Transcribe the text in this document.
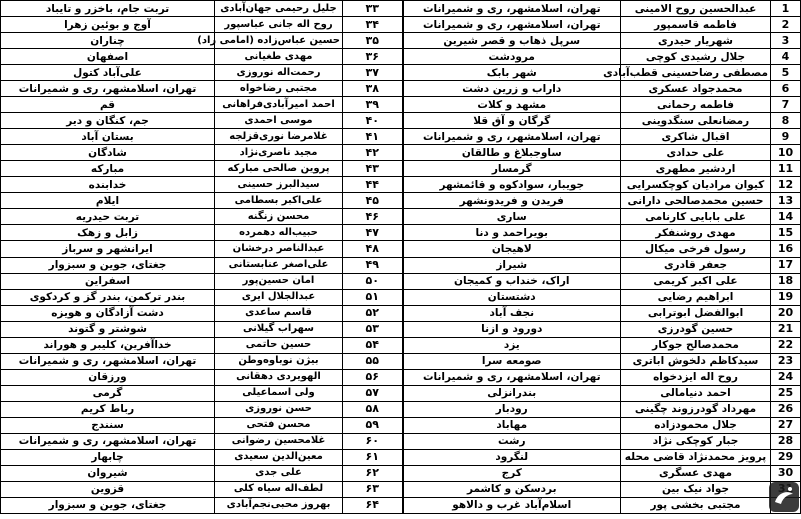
1	عبدالحسین روح الامینی	تهران، اسلامشهر، ری و شمیرانات	۳۳	جلیل رحیمی جهان‌آبادی	تربت جام، باخزر و تایباد
2	فاطمه قاسمپور	تهران، اسلامشهر، ری و شمیرانات	۳۴	روح اله جانی عباسپور	آوج و بوئین زهرا
3	شهریار حیدری	سرپل ذهاب و قصر شیرین	۳۵	حسین عباس‌زاده (امامی راد)	چناران
4	جلال رشیدی کوچی	مرودشت	۳۶	مهدی طغیانی	اصفهان
5	مصطفی رضاحسینی قطب‌آبادی	شهر بابک	۳۷	رحمت‌اله نوروزی	علی‌آباد کتول
6	محمدجواد عسکری	داراب و زرین دشت	۳۸	مجتبی رضاخواه	تهران، اسلامشهر، ری و شمیرانات
7	فاطمه رحمانی	مشهد و کلات	۳۹	احمد امیرآبادی‌فراهانی	قم
8	رمضانعلی سنگدوینی	گرگان و آق قلا	۴۰	موسی احمدی	جم، کنگان و دیر
9	اقبال شاکری	تهران، اسلامشهر، ری و شمیرانات	۴۱	غلامرضا نوری‌قزلجه	بستان آباد
10	علی حدادی	ساوجبلاغ و طالقان	۴۲	مجید ناصری‌نژاد	شادگان
11	اردشیر مطهری	گرمسار	۴۳	پروین صالحی مبارکه	مبارکه
12	کیوان مرادیان کوچکسرایی	جویبار، سوادکوه و قائمشهر	۴۴	سیدالبرز حسینی	خدابنده
13	حسین محمدصالحی دارانی	فریدن و فریدونشهر	۴۵	علی‌اکبر بسطامی	ایلام
14	علی بابایی کارنامی	ساری	۴۶	محسن زنگنه	تربت حیدریه
15	مهدی روشنفکر	بویراحمد و دنا	۴۷	حبیب‌اله دهمرده	زابل و زهک
16	رسول فرخی میکال	لاهیجان	۴۸	عبدالناصر درخشان	ایرانشهر و سرباز
17	جعفر قادری	شیراز	۴۹	علی‌اصغر عنابستانی	جغتای، جوین و سبزوار
18	علی اکبر کریمی	اراک، خنداب و کمیجان	۵۰	امان حسین‌پور	اسفراین
19	ابراهیم رضایی	دشتستان	۵۱	عبدالجلال ایری	بندر ترکمن، بندر گز و کردکوی
20	ابوالفضل ابوترابی	نجف آباد	۵۲	قاسم ساعدی	دشت آزادگان و هویزه
21	حسین گودرزی	دورود و ازنا	۵۳	سهراب گیلانی	شوشتر و گتوند
22	محمدصالح جوکار	یزد	۵۴	حسین حاتمی	خداآفرین، کلیبر و هوراند
23	سیدکاظم دلخوش اباتری	صومعه سرا	۵۵	بیژن نوباوه‌وطن	تهران، اسلامشهر، ری و شمیرانات
24	روح اله ایزدخواه	تهران، اسلامشهر، ری و شمیرانات	۵۶	الهویردی دهقانی	ورزقان
25	احمد دنیامالی	بندرانزلی	۵۷	ولی اسماعیلی	گرمی
26	مهرداد گودرزوند چگینی	رودبار	۵۸	حسن نوروزی	رباط کریم
27	جلال محمودزاده	مهاباد	۵۹	محسن فتحی	سنندج
28	جبار کوچکی نژاد	رشت	۶۰	غلامحسین رضوانی	تهران، اسلامشهر، ری و شمیرانات
29	پرویز محمدنژاد قاضی محله	لنگرود	۶۱	معین‌الدین سعیدی	چابهار
30	مهدی عسگری	کرج	۶۲	علی جدی	شیروان
	جواد نیک بین	بردسکن و کاشمر	۶۳	لطف‌اله سیاه کلی	قزوین
	مجتبی بخشی پور	اسلام‌آباد غرب و دالاهو	۶۴	بهروز محبی‌نجم‌آبادی	جغتای، جوین و سبزوار
